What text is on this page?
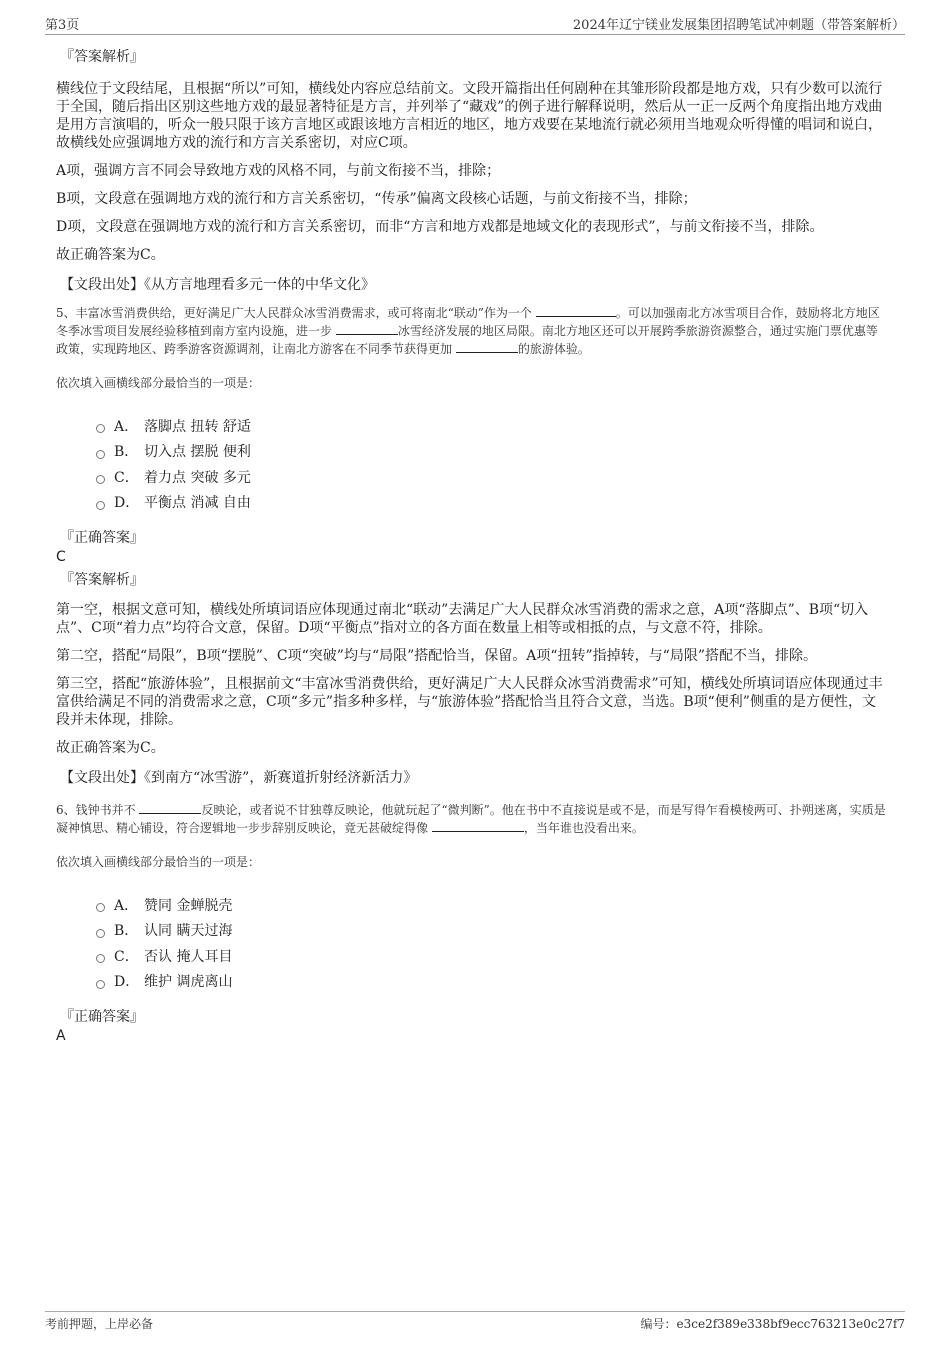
第3页	2024年辽宁镁业发展集团招聘笔试冲刺题（带答案解析）
『答案解析』

横线位于文段结尾，且根据“所以”可知，横线处内容应总结前文。文段开篇指出任何剧种在其雏形阶段都是地方戏，只有少数可以流行于全国，随后指出区别这些地方戏的最显著特征是方言，并列举了“藏戏”的例子进行解释说明，然后从一正一反两个角度指出地方戏曲是用方言演唱的，听众一般只限于该方言地区或跟该地方言相近的地区，地方戏要在某地流行就必须用当地观众听得懂的唱词和说白，故横线处应强调地方戏的流行和方言关系密切，对应C项。

A项，强调方言不同会导致地方戏的风格不同，与前文衔接不当，排除；

B项，文段意在强调地方戏的流行和方言关系密切，“传承”偏离文段核心话题，与前文衔接不当，排除；

D项，文段意在强调地方戏的流行和方言关系密切，而非“方言和地方戏都是地域文化的表现形式”，与前文衔接不当，排除。

故正确答案为C。

【文段出处】《从方言地理看多元一体的中华文化》

5、丰富冰雪消费供给，更好满足广大人民群众冰雪消费需求，或可将南北“联动”作为一个	。可以加强南北方冰雪项目合作，鼓励将北方地区冬季冰雪项目发展经验移植到南方室内设施，进一步	冰雪经济发展的地区局限。南北方地区还可以开展跨季旅游资源整合，通过实施门票优惠等政策，实现跨地区、跨季游客资源调剂，让南北方游客在不同季节获得更加	的旅游体验。

依次填入画横线部分最恰当的一项是：
A． 落脚点 扭转 舒适
B． 切入点 摆脱 便利
C． 着力点 突破 多元
D． 平衡点 消减 自由
『正确答案』
C
『答案解析』

第一空，根据文意可知，横线处所填词语应体现通过南北“联动”去满足广大人民群众冰雪消费的需求之意，A项“落脚点”、B项“切入点”、C项“着力点”均符合文意，保留。D项“平衡点”指对立的各方面在数量上相等或相抵的点，与文意不符，排除。

第二空，搭配“局限”，B项“摆脱”、C项“突破”均与“局限”搭配恰当，保留。A项“扭转”指掉转，与“局限”搭配不当，排除。

第三空，搭配“旅游体验”，且根据前文“丰富冰雪消费供给，更好满足广大人民群众冰雪消费需求”可知，横线处所填词语应体现通过丰富供给满足不同的消费需求之意，C项“多元”指多种多样，与“旅游体验”搭配恰当且符合文意，当选。B项“便利”侧重的是方便性，文段并未体现，排除。

故正确答案为C。

【文段出处】《到南方“冰雪游”，新赛道折射经济新活力》

6、钱钟书并不	反映论，或者说不甘独尊反映论，他就玩起了“微判断”。他在书中不直接说是或不是，而是写得乍看模棱两可、扑朔迷离，实质是凝神慎思、精心铺设，符合逻辑地一步步辞别反映论，竟无甚破绽得像	，当年谁也没看出来。

依次填入画横线部分最恰当的一项是：
A． 赞同 金蝉脱壳
B． 认同 瞒天过海
C． 否认 掩人耳目
D． 维护 调虎离山
『正确答案』
A
考前押题，上岸必备	编号：e3ce2f389e338bf9ecc763213e0c27f7
